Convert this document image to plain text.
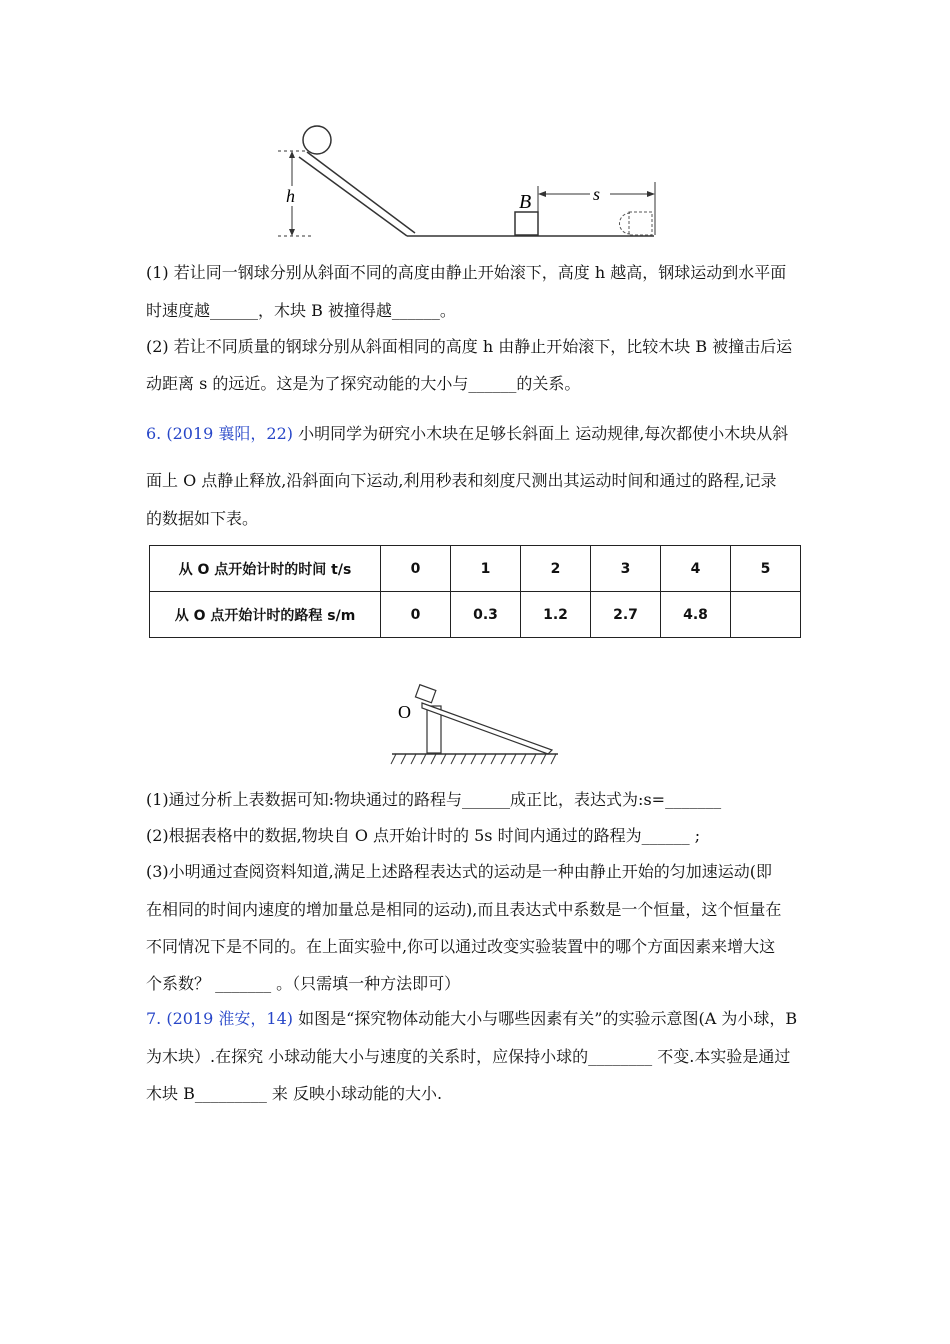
h	B	s
(1) 若让同一钢球分别从斜面不同的高度由静止开始滚下，高度 h 越高，钢球运动到水平面
时速度越______，木块 B 被撞得越______。
(2) 若让不同质量的钢球分别从斜面相同的高度 h 由静止开始滚下，比较木块 B 被撞击后运
动距离 s 的远近。这是为了探究动能的大小与______的关系。
6. (2019 襄阳，22) 小明同学为研究小木块在足够长斜面上 运动规律,每次都使小木块从斜
面上 O 点静止释放,沿斜面向下运动,利用秒表和刻度尺测出其运动时间和通过的路程,记录
的数据如下表。
从 O 点开始计时的时间 t/s	0	1	2	3	4	5
从 O 点开始计时的路程 s/m	0	0.3	1.2	2.7	4.8	
O
(1)通过分析上表数据可知:物块通过的路程与______成正比，表达式为:s=_______
(2)根据表格中的数据,物块自 O 点开始计时的 5s 时间内通过的路程为______ ;
(3)小明通过查阅资料知道,满足上述路程表达式的运动是一种由静止开始的匀加速运动(即
在相同的时间内速度的增加量总是相同的运动),而且表达式中系数是一个恒量，这个恒量在
不同情况下是不同的。在上面实验中,你可以通过改变实验装置中的哪个方面因素来增大这
个系数？ _______ 。（只需填一种方法即可）
7. (2019 淮安，14) 如图是“探究物体动能大小与哪些因素有关”的实验示意图(A 为小球，B
为木块）.在探究 小球动能大小与速度的关系时，应保持小球的________ 不变.本实验是通过
木块 B_________ 来 反映小球动能的大小.
